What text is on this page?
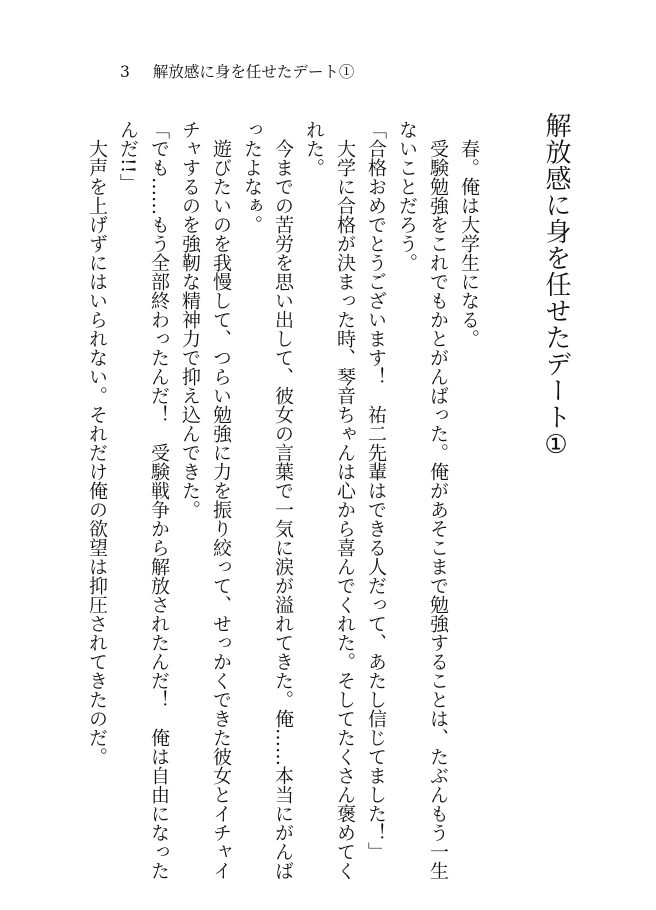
3 解放感に身を任せたデート①
解放感に身を任せたデート①

春。俺は大学生になる。

受験勉強をこれでもかとがんばった。俺があそこまで勉強することは、たぶんもう一生ないことだろう。

「合格おめでとうございます！　祐二先輩はできる人だって、あたし信じてました！」

大学に合格が決まった時、琴音ちゃんは心から喜んでくれた。そしてたくさん褒めてくれた。

今までの苦労を思い出して、彼女の言葉で一気に涙が溢れてきた。俺……本当にがんばったよなぁ。

遊びたいのを我慢して、つらい勉強に力を振り絞って、せっかくできた彼女とイチャイチャするのを強靭な精神力で抑え込んできた。

「でも……もう全部終わったんだ！　受験戦争から解放されたんだ！　俺は自由になったんだ!!」

大声を上げずにはいられない。それだけ俺の欲望は抑圧されてきたのだ。
